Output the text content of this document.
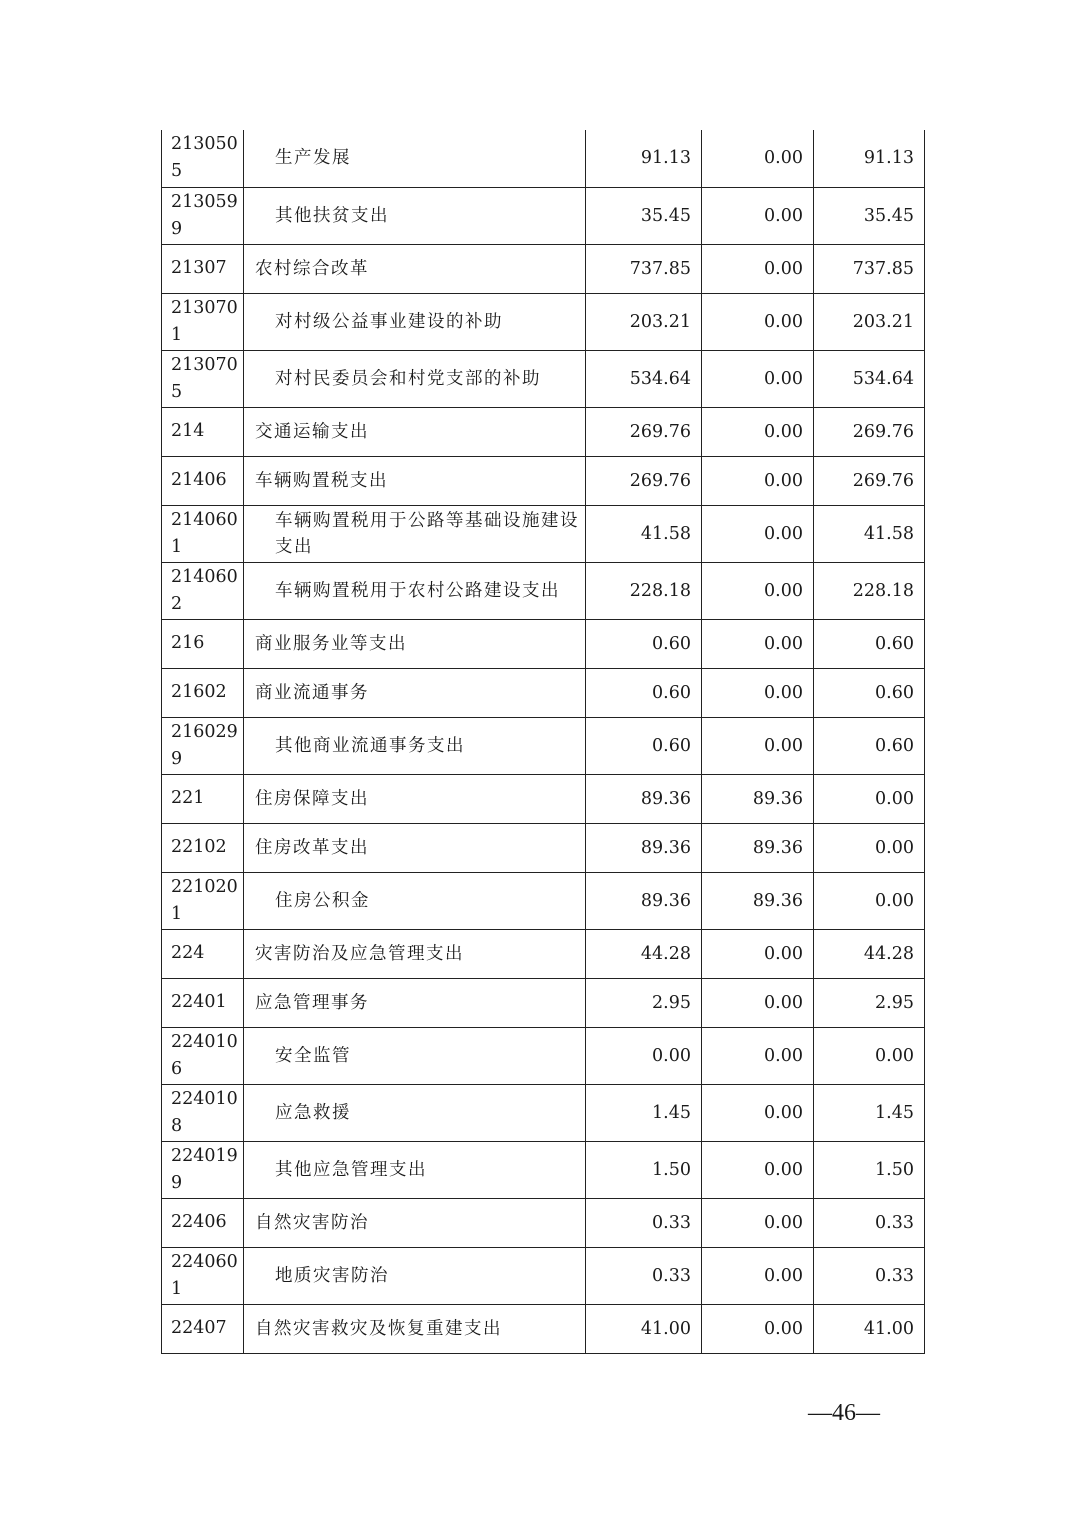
2130505	生产发展	91.13	0.00	91.13
2130599	其他扶贫支出	35.45	0.00	35.45
21307	农村综合改革	737.85	0.00	737.85
2130701	对村级公益事业建设的补助	203.21	0.00	203.21
2130705	对村民委员会和村党支部的补助	534.64	0.00	534.64
214	交通运输支出	269.76	0.00	269.76
21406	车辆购置税支出	269.76	0.00	269.76
2140601	车辆购置税用于公路等基础设施建设支出	41.58	0.00	41.58
2140602	车辆购置税用于农村公路建设支出	228.18	0.00	228.18
216	商业服务业等支出	0.60	0.00	0.60
21602	商业流通事务	0.60	0.00	0.60
2160299	其他商业流通事务支出	0.60	0.00	0.60
221	住房保障支出	89.36	89.36	0.00
22102	住房改革支出	89.36	89.36	0.00
2210201	住房公积金	89.36	89.36	0.00
224	灾害防治及应急管理支出	44.28	0.00	44.28
22401	应急管理事务	2.95	0.00	2.95
2240106	安全监管	0.00	0.00	0.00
2240108	应急救援	1.45	0.00	1.45
2240199	其他应急管理支出	1.50	0.00	1.50
22406	自然灾害防治	0.33	0.00	0.33
2240601	地质灾害防治	0.33	0.00	0.33
22407	自然灾害救灾及恢复重建支出	41.00	0.00	41.00
—46—
